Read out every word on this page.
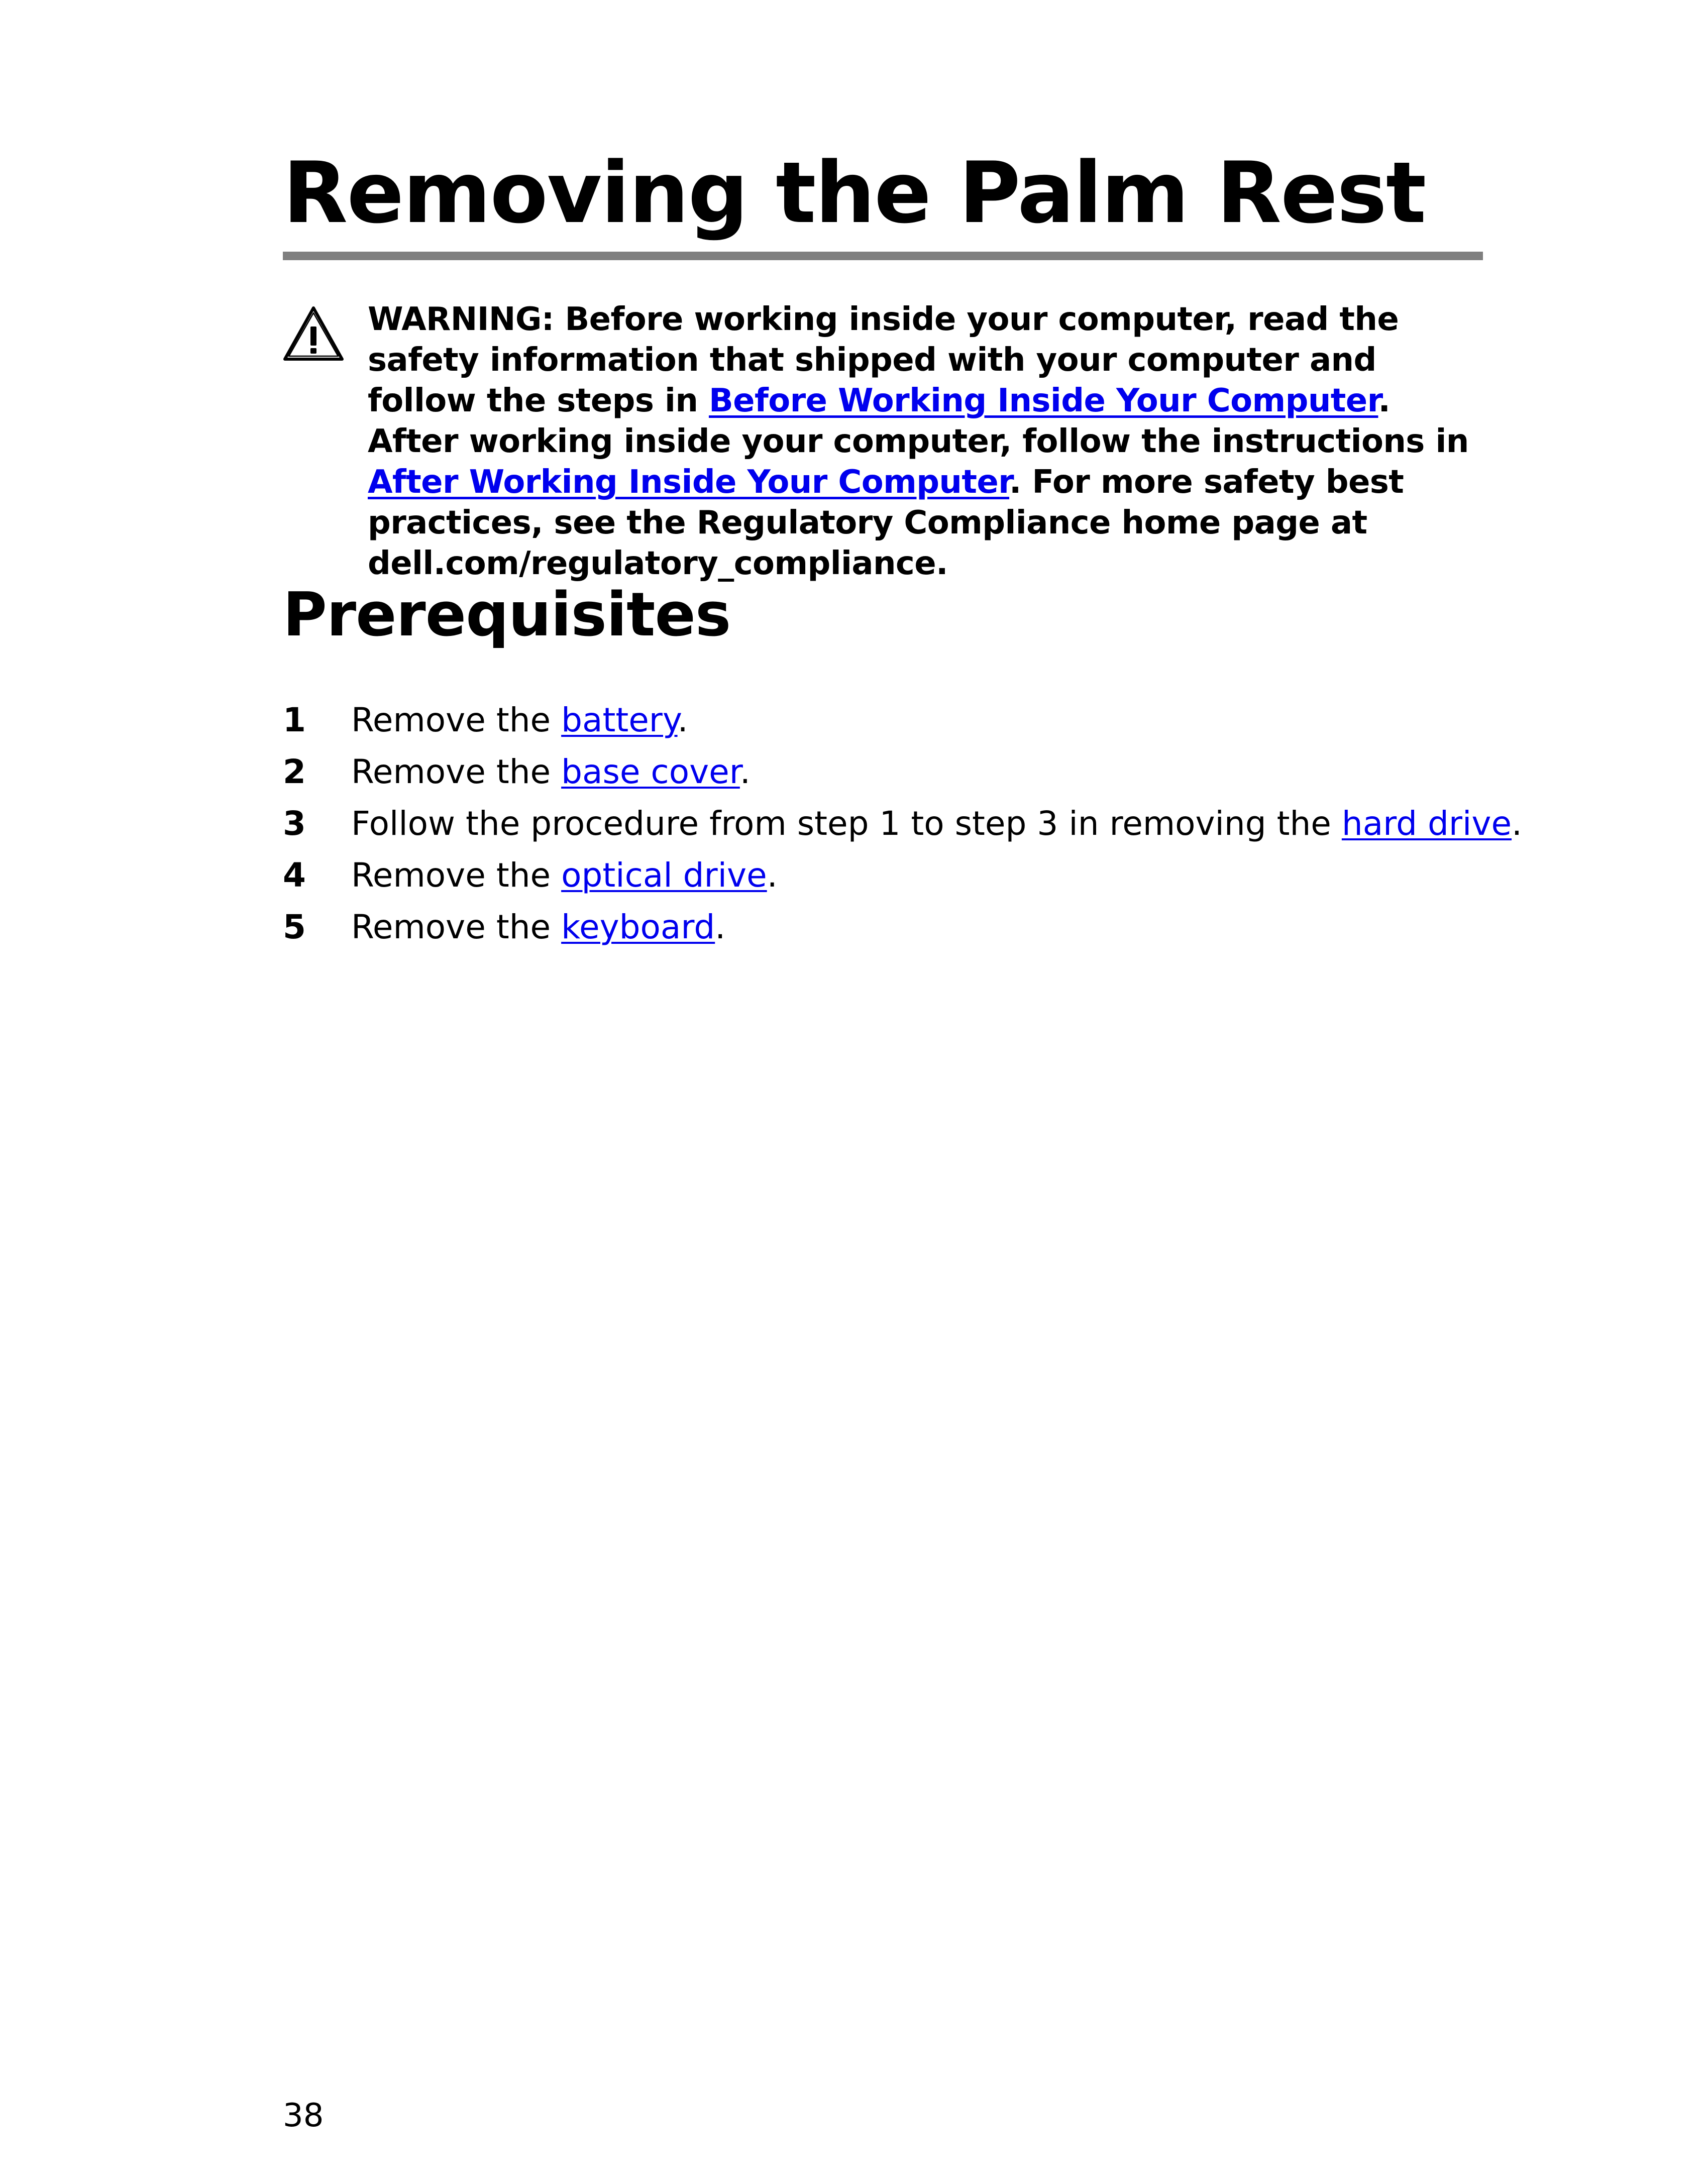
Removing the Palm Rest
WARNING: Before working inside your computer, read the safety information that shipped with your computer and follow the steps in Before Working Inside Your Computer. After working inside your computer, follow the instructions in After Working Inside Your Computer. For more safety best practices, see the Regulatory Compliance home page at dell.com/regulatory_compliance.
Prerequisites
1 Remove the battery.
2 Remove the base cover.
3 Follow the procedure from step 1 to step 3 in removing the hard drive.
4 Remove the optical drive.
5 Remove the keyboard.
38
